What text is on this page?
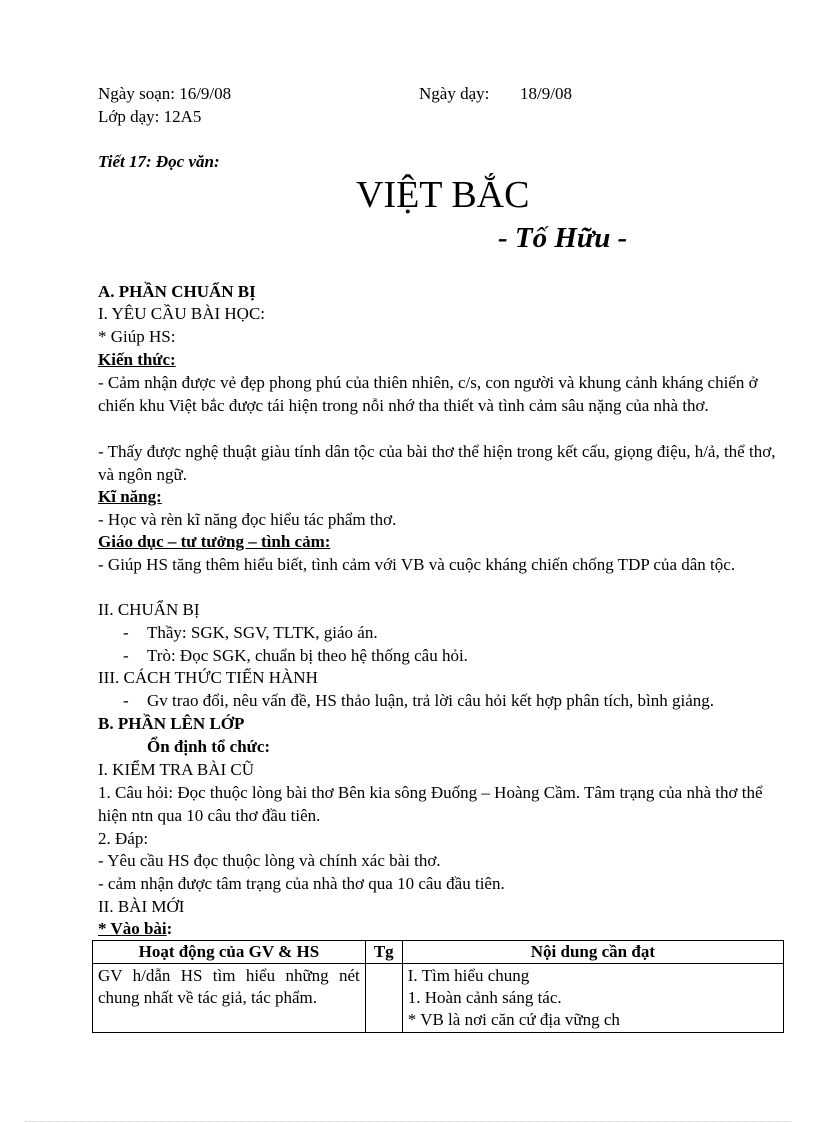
Ngày soạn: 16/9/08	Ngày dạy: 18/9/08
Lớp dạy: 12A5
Tiết 17: Đọc văn:
VIỆT BẮC
- Tố Hữu -
A. PHẦN CHUẨN BỊ
I. YÊU CẦU BÀI HỌC:
* Giúp HS:
Kiến thức:
- Cảm nhận được vẻ đẹp phong phú của thiên nhiên, c/s, con người và khung cảnh kháng chiến ở chiến khu Việt bắc được tái hiện trong nỗi nhớ tha thiết và tình cảm sâu nặng của nhà thơ.
- Thấy được nghệ thuật giàu tính dân tộc của bài thơ thể hiện trong kết cấu, giọng điệu, h/ả, thể thơ, và ngôn ngữ.
Kĩ năng:
- Học và rèn kĩ năng đọc hiểu tác phẩm thơ.
Giáo dục – tư tưởng – tình cảm:
- Giúp HS tăng thêm hiểu biết, tình cảm với VB và cuộc kháng chiến chống TDP của dân tộc.
II. CHUẨN BỊ
- Thầy: SGK, SGV, TLTK, giáo án.
- Trò: Đọc SGK, chuẩn bị theo hệ thống câu hỏi.
III. CÁCH THỨC TIẾN HÀNH
- Gv trao đổi, nêu vấn đề, HS thảo luận, trả lời câu hỏi kết hợp phân tích, bình giảng.
B. PHẦN LÊN LỚP
Ổn định tổ chức:
I. KIỂM TRA BÀI CŨ
1. Câu hỏi: Đọc thuộc lòng bài thơ Bên kia sông Đuống – Hoàng Cầm. Tâm trạng của nhà thơ thể hiện ntn qua 10 câu thơ đầu tiên.
2. Đáp:
- Yêu cầu HS đọc thuộc lòng và chính xác bài thơ.
- cảm nhận được tâm trạng của nhà thơ qua 10 câu đầu tiên.
II. BÀI MỚI
* Vào bài:
Hoạt động của GV & HS	Tg	Nội dung cần đạt

GV h/dẫn HS tìm hiểu những nét
chung nhất về tác giả, tác phẩm.		I. Tìm hiểu chung
1. Hoàn cảnh sáng tác.
* VB là nơi căn cứ địa vững ch
